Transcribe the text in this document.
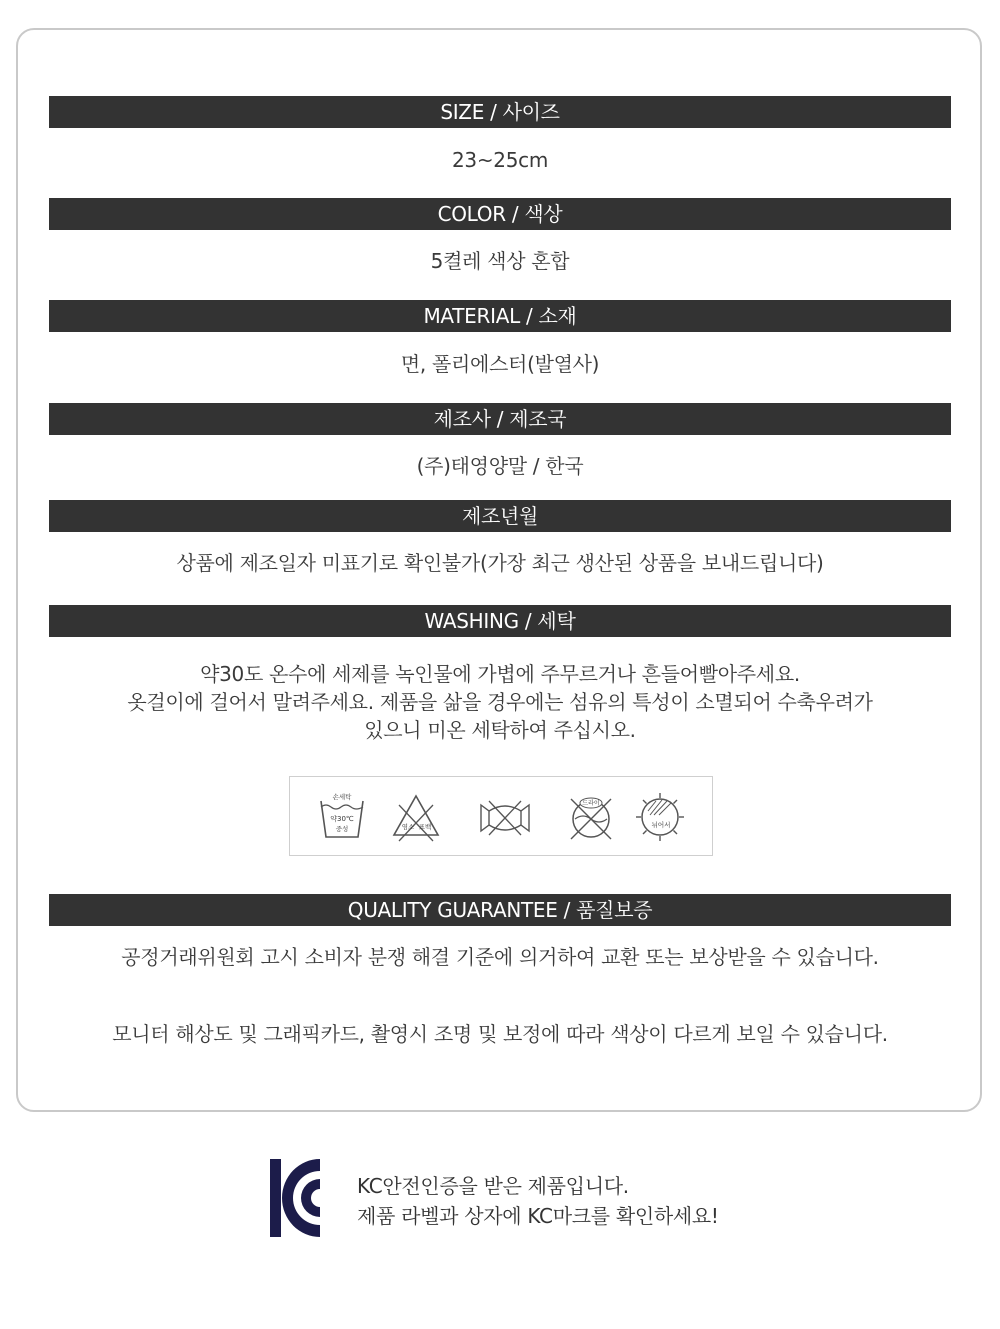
SIZE / 사이즈
23~25cm
COLOR / 색상
5켤레 색상 혼합
MATERIAL / 소재
면, 폴리에스터(발열사)
제조사 / 제조국
(주)태영양말 / 한국
제조년월
상품에 제조일자 미표기로 확인불가(가장 최근 생산된 상품을 보내드립니다)
WASHING / 세탁
약30도 온수에 세제를 녹인물에 가볍에 주무르거나 흔들어빨아주세요.
옷걸이에 걸어서 말려주세요. 제품을 삶을 경우에는 섬유의 특성이 소멸되어 수축우려가
있으니 미온 세탁하여 주십시오.
손세탁
약30℃
중성	염소 표백
드라이
뉘어서
QUALITY GUARANTEE / 품질보증
공정거래위원회 고시 소비자 분쟁 해결 기준에 의거하여 교환 또는 보상받을 수 있습니다.
모니터 해상도 및 그래픽카드, 촬영시 조명 및 보정에 따라 색상이 다르게 보일 수 있습니다.
KC안전인증을 받은 제품입니다.
제품 라벨과 상자에 KC마크를 확인하세요!
